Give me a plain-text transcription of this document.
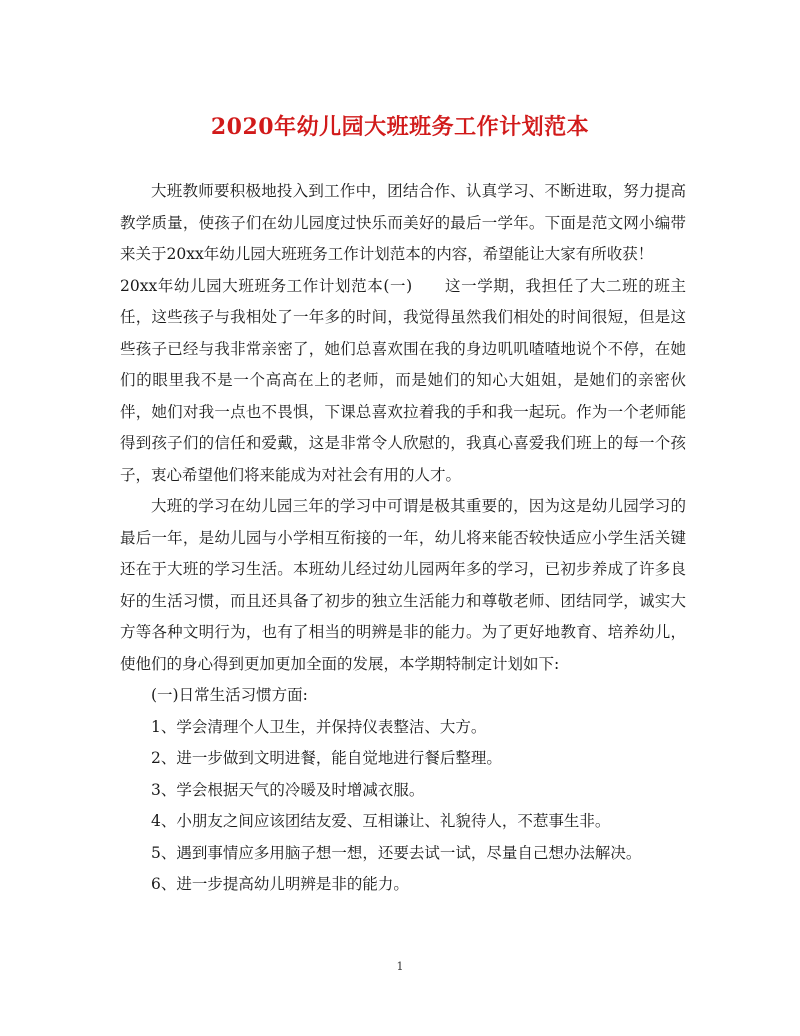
2020年幼儿园大班班务工作计划范本

大班教师要积极地投入到工作中，团结合作、认真学习、不断进取，努力提高教学质量，使孩子们在幼儿园度过快乐而美好的最后一学年。下面是范文网小编带来关于20xx年幼儿园大班班务工作计划范本的内容，希望能让大家有所收获！

20xx年幼儿园大班班务工作计划范本(一)　　这一学期，我担任了大二班的班主任，这些孩子与我相处了一年多的时间，我觉得虽然我们相处的时间很短，但是这些孩子已经与我非常亲密了，她们总喜欢围在我的身边叽叽喳喳地说个不停，在她们的眼里我不是一个高高在上的老师，而是她们的知心大姐姐，是她们的亲密伙伴，她们对我一点也不畏惧，下课总喜欢拉着我的手和我一起玩。作为一个老师能得到孩子们的信任和爱戴，这是非常令人欣慰的，我真心喜爱我们班上的每一个孩子，衷心希望他们将来能成为对社会有用的人才。

大班的学习在幼儿园三年的学习中可谓是极其重要的，因为这是幼儿园学习的最后一年，是幼儿园与小学相互衔接的一年，幼儿将来能否较快适应小学生活关键还在于大班的学习生活。本班幼儿经过幼儿园两年多的学习，已初步养成了许多良好的生活习惯，而且还具备了初步的独立生活能力和尊敬老师、团结同学，诚实大方等各种文明行为，也有了相当的明辨是非的能力。为了更好地教育、培养幼儿，使他们的身心得到更加更加全面的发展，本学期特制定计划如下:

(一)日常生活习惯方面:

1、学会清理个人卫生，并保持仪表整洁、大方。

2、进一步做到文明进餐，能自觉地进行餐后整理。

3、学会根据天气的冷暖及时增减衣服。

4、小朋友之间应该团结友爱、互相谦让、礼貌待人，不惹事生非。

5、遇到事情应多用脑子想一想，还要去试一试，尽量自己想办法解决。

6、进一步提高幼儿明辨是非的能力。

1
